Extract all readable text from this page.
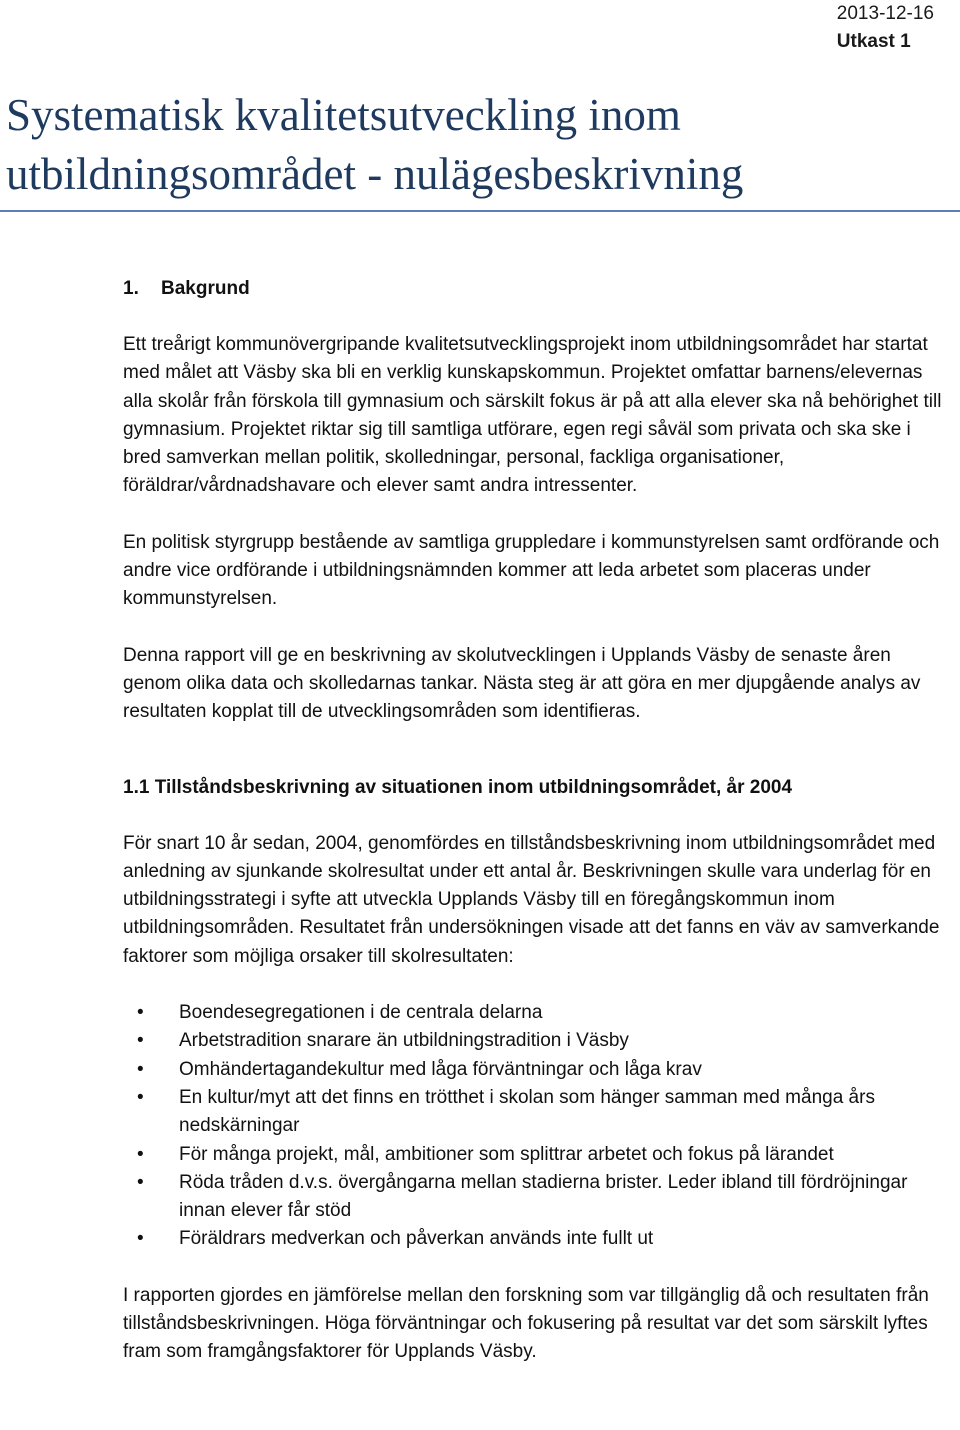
2013-12-16
Utkast 1
Systematisk kvalitetsutveckling inom utbildningsområdet - nulägesbeskrivning
1. Bakgrund

Ett treårigt kommunövergripande kvalitetsutvecklingsprojekt inom utbildningsområdet har startat med målet att Väsby ska bli en verklig kunskapskommun. Projektet omfattar barnens/elevernas alla skolår från förskola till gymnasium och särskilt fokus är på att alla elever ska nå behörighet till gymnasium. Projektet riktar sig till samtliga utförare, egen regi såväl som privata och ska ske i bred samverkan mellan politik, skolledningar, personal, fackliga organisationer, föräldrar/vårdnadshavare och elever samt andra intressenter.

En politisk styrgrupp bestående av samtliga gruppledare i kommunstyrelsen samt ordförande och andre vice ordförande i utbildningsnämnden kommer att leda arbetet som placeras under kommunstyrelsen.

Denna rapport vill ge en beskrivning av skolutvecklingen i Upplands Väsby de senaste åren genom olika data och skolledarnas tankar. Nästa steg är att göra en mer djupgående analys av resultaten kopplat till de utvecklingsområden som identifieras.

1.1 Tillståndsbeskrivning av situationen inom utbildningsområdet, år 2004

För snart 10 år sedan, 2004, genomfördes en tillståndsbeskrivning inom utbildningsområdet med anledning av sjunkande skolresultat under ett antal år. Beskrivningen skulle vara underlag för en utbildningsstrategi i syfte att utveckla Upplands Väsby till en föregångskommun inom utbildningsområden. Resultatet från undersökningen visade att det fanns en väv av samverkande faktorer som möjliga orsaker till skolresultaten:

• Boendesegregationen i de centrala delarna
• Arbetstradition snarare än utbildningstradition i Väsby
• Omhändertagandekultur med låga förväntningar och låga krav
• En kultur/myt att det finns en trötthet i skolan som hänger samman med många års nedskärningar
• För många projekt, mål, ambitioner som splittrar arbetet och fokus på lärandet
• Röda tråden d.v.s. övergångarna mellan stadierna brister. Leder ibland till fördröjningar innan elever får stöd
• Föräldrars medverkan och påverkan används inte fullt ut

I rapporten gjordes en jämförelse mellan den forskning som var tillgänglig då och resultaten från tillståndsbeskrivningen. Höga förväntningar och fokusering på resultat var det som särskilt lyftes fram som framgångsfaktorer för Upplands Väsby.
